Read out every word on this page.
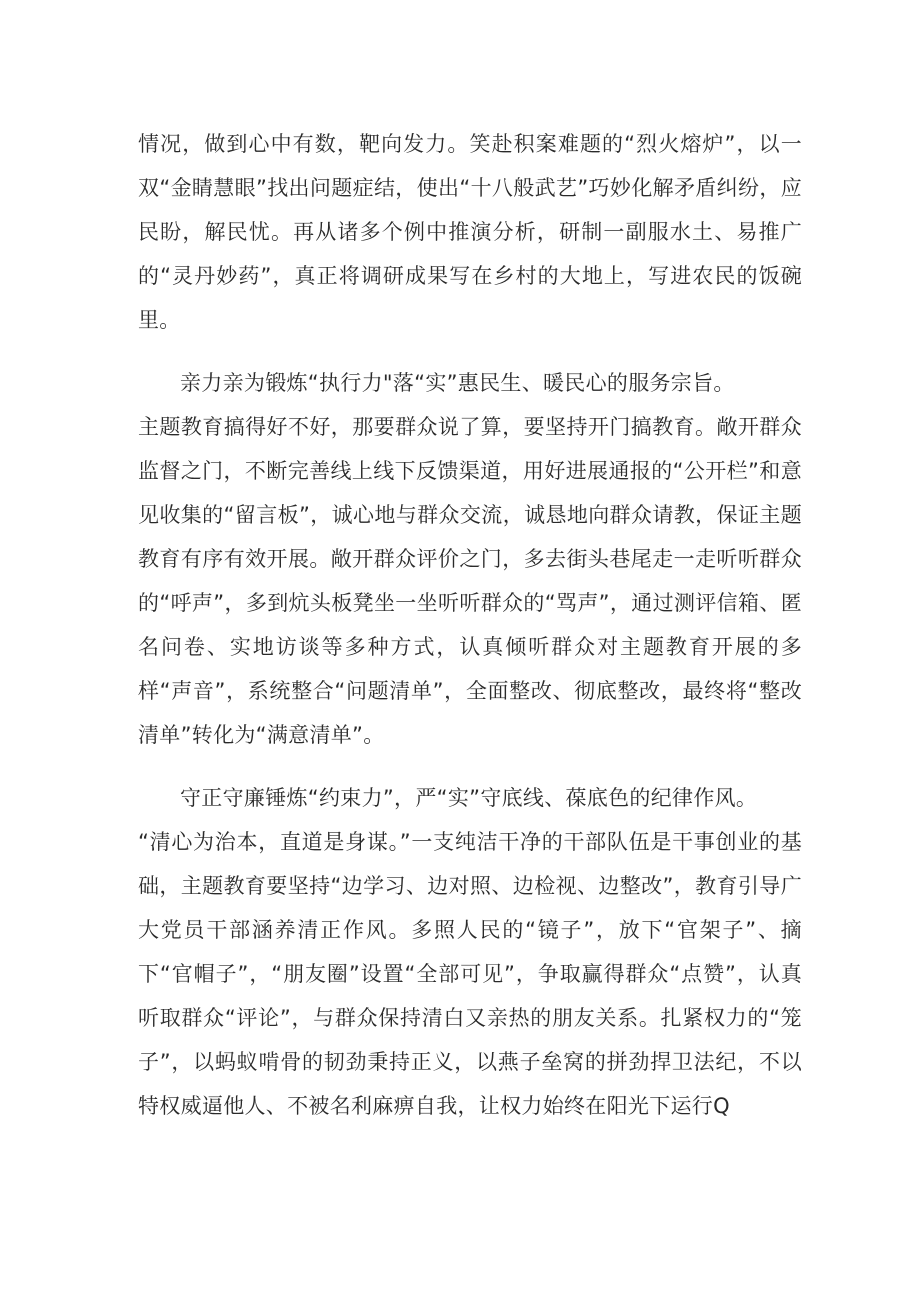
情况，做到心中有数，靶向发力。笑赴积案难题的“烈火熔炉”，以一双“金睛慧眼”找出问题症结，使出“十八般武艺”巧妙化解矛盾纠纷，应民盼，解民忧。再从诸多个例中推演分析，研制一副服水土、易推广的“灵丹妙药”，真正将调研成果写在乡村的大地上，写进农民的饭碗里。
亲力亲为锻炼“执行力"落“实”惠民生、暖民心的服务宗旨。
主题教育搞得好不好，那要群众说了算，要坚持开门搞教育。敞开群众监督之门，不断完善线上线下反馈渠道，用好进展通报的“公开栏”和意见收集的“留言板”，诚心地与群众交流，诚恳地向群众请教，保证主题教育有序有效开展。敞开群众评价之门，多去街头巷尾走一走听听群众的“呼声”，多到炕头板凳坐一坐听听群众的“骂声”，通过测评信箱、匿名问卷、实地访谈等多种方式，认真倾听群众对主题教育开展的多样“声音”，系统整合“问题清单”，全面整改、彻底整改，最终将“整改清单”转化为“满意清单”。
守正守廉锤炼“约束力”，严“实”守底线、葆底色的纪律作风。
“清心为治本，直道是身谋。”一支纯洁干净的干部队伍是干事创业的基础，主题教育要坚持“边学习、边对照、边检视、边整改”，教育引导广大党员干部涵养清正作风。多照人民的“镜子”，放下“官架子”、摘下“官帽子”，“朋友圈”设置“全部可见”，争取赢得群众“点赞”，认真听取群众“评论”，与群众保持清白又亲热的朋友关系。扎紧权力的“笼子”，以蚂蚁啃骨的韧劲秉持正义，以燕子垒窝的拼劲捍卫法纪，不以特权威逼他人、不被名利麻痹自我，让权力始终在阳光下运行Q
